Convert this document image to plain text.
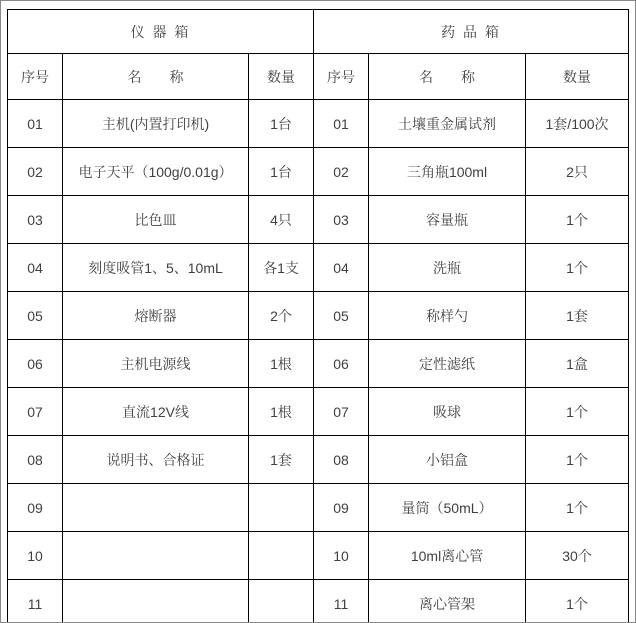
仪 器 箱			药 品 箱		
序号	名　　称	数量	序号	名　　称	数量
01	主机(内置打印机)	1台	01	土壤重金属试剂	1套/100次
02	电子天平（100g/0.01g）	1台	02	三角瓶100ml	2只
03	比色皿	4只	03	容量瓶	1个
04	刻度吸管1、5、10mL	各1支	04	洗瓶	1个
05	熔断器	2个	05	称样勺	1套
06	主机电源线	1根	06	定性滤纸	1盒
07	直流12V线	1根	07	吸球	1个
08	说明书、合格证	1套	08	小铝盒	1个
09			09	量筒（50mL）	1个
10			10	10ml离心管	30个
11			11	离心管架	1个
